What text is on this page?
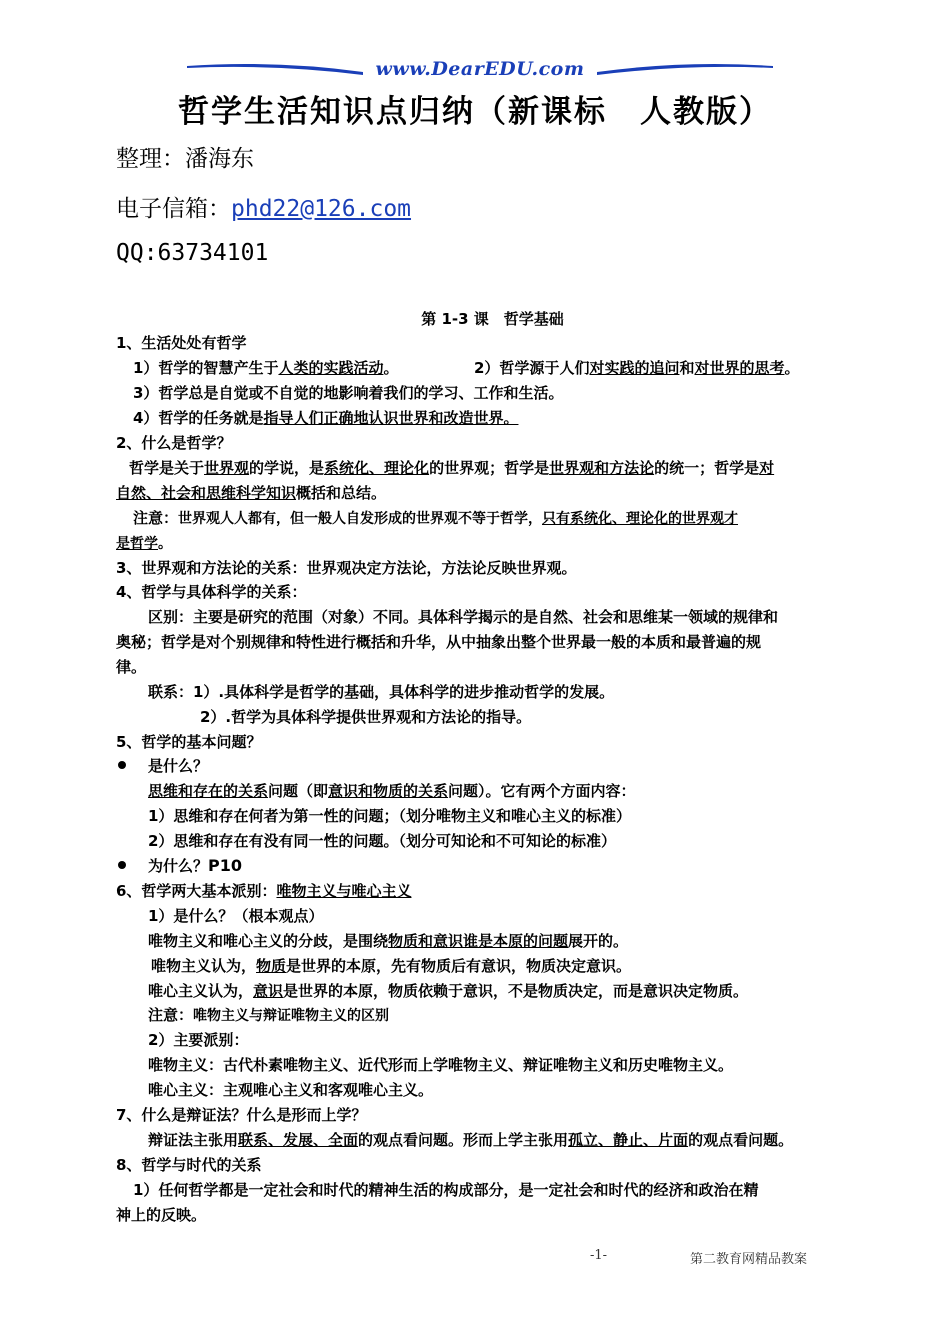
www.DearEDU.com
哲学生活知识点归纳（新课标　人教版）
整理：潘海东
电子信箱：phd22@126.com
QQ:63734101
第 1-3 课　哲学基础
1、生活处处有哲学
1）哲学的智慧产生于人类的实践活动。	2）哲学源于人们对实践的追问和对世界的思考。
3）哲学总是自觉或不自觉的地影响着我们的学习、工作和生活。
4）哲学的任务就是指导人们正确地认识世界和改造世界。
2、什么是哲学？
哲学是关于世界观的学说，是系统化、理论化的世界观；哲学是世界观和方法论的统一；哲学是对
自然、社会和思维科学知识概括和总结。
注意：世界观人人都有，但一般人自发形成的世界观不等于哲学，只有系统化、理论化的世界观才
是哲学。
3、世界观和方法论的关系：世界观决定方法论，方法论反映世界观。
4、哲学与具体科学的关系：
区别：主要是研究的范围（对象）不同。具体科学揭示的是自然、社会和思维某一领域的规律和
奥秘；哲学是对个别规律和特性进行概括和升华，从中抽象出整个世界最一般的本质和最普遍的规
律。
联系：1）.具体科学是哲学的基础，具体科学的进步推动哲学的发展。
2）.哲学为具体科学提供世界观和方法论的指导。
5、哲学的基本问题？
是什么？
思维和存在的关系问题（即意识和物质的关系问题）。它有两个方面内容：
1）思维和存在何者为第一性的问题；（划分唯物主义和唯心主义的标准）
2）思维和存在有没有同一性的问题。（划分可知论和不可知论的标准）
为什么？P10
6、哲学两大基本派别：唯物主义与唯心主义
1）是什么？（根本观点）
唯物主义和唯心主义的分歧，是围绕物质和意识谁是本原的问题展开的。
唯物主义认为，物质是世界的本原，先有物质后有意识，物质决定意识。
唯心主义认为，意识是世界的本原，物质依赖于意识，不是物质决定，而是意识决定物质。
注意：唯物主义与辩证唯物主义的区别
2）主要派别：
唯物主义：古代朴素唯物主义、近代形而上学唯物主义、辩证唯物主义和历史唯物主义。
唯心主义：主观唯心主义和客观唯心主义。
7、什么是辩证法？什么是形而上学？
辩证法主张用联系、发展、全面的观点看问题。形而上学主张用孤立、静止、片面的观点看问题。
8、哲学与时代的关系
1）任何哲学都是一定社会和时代的精神生活的构成部分，是一定社会和时代的经济和政治在精
神上的反映。
-1-	第二教育网精品教案
